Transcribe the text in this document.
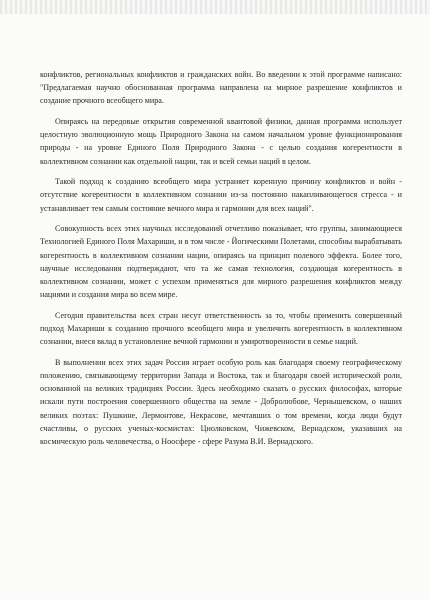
конфликтов, региональных конфликтов и гражданских войн. Во введении к этой программе написано: "Предлагаемая научно обоснованная программа направлена на мирное разрешение конфликтов и создание прочного всеобщего мира.

Опираясь на передовые открытия современной квантовой физики, данная программа использует целостную эволюционную мощь Природного Закона на самом начальном уровне функционирования природы - на уровне Единого Поля Природного Закона - с целью создания когерентности в коллективном сознании как отдельной нации, так и всей семьи наций в целом.

Такой подход к созданию всеобщего мира устраняет коренную причину конфликтов и войн - отсутствие когерентности в коллективном сознании из-за постоянно накапливающегося стресса - и устанавливает тем самым состояние вечного мира и гармонии для всех наций".

Совокупность всех этих научных исследований отчетливо показывает, что группы, занимающиеся Технологией Единого Поля Махариши, и в том числе - Йогическими Полетами, способны вырабатывать когерентность в коллективном сознании нации, опираясь на принцип полевого эффекта. Более того, научные исследования подтверждают, что та же самая технология, создающая когерентность в коллективном сознании, может с успехом применяться для мирного разрешения конфликтов между нациями и создания мира во всем мире.

Сегодня правительства всех стран несут ответственность за то, чтобы применить совершенный подход Махариши к созданию прочного всеобщего мира и увеличить когерентность в коллективном сознании, внеся вклад в установление вечной гармонии и умиротворенности в семье наций.

В выполнении всех этих задач Россия играет особую роль как благодаря своему географическому положению, связывающему территории Запада и Востока, так и благодаря своей исторической роли, основанной на великих традициях России. Здесь необходимо сказать о русских философах, которые искали пути построения совершенного общества на земле - Добролюбове, Чернышевском, о наших великих поэтах: Пушкине, Лермонтове, Некрасове, мечтавших о том времени, когда люди будут счастливы, о русских ученых-космистах: Циолковском, Чижевском, Вернадском, указавших на космическую роль человечества, о Ноосфере - сфере Разума В.И. Вернадского.
